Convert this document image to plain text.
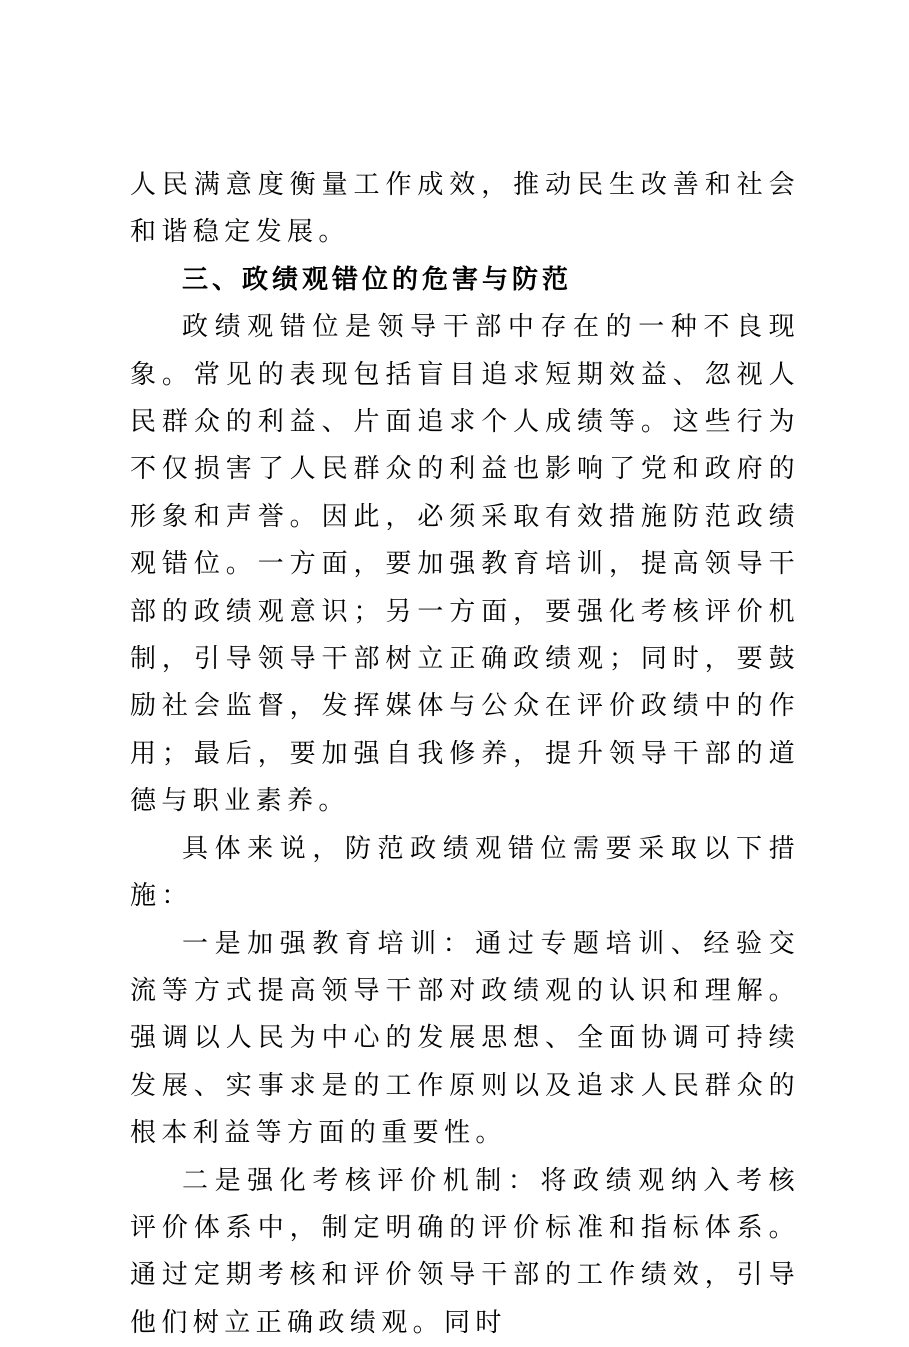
人民满意度衡量工作成效，推动民生改善和社会和谐稳定发展。

三、政绩观错位的危害与防范

政绩观错位是领导干部中存在的一种不良现象。常见的表现包括盲目追求短期效益、忽视人民群众的利益、片面追求个人成绩等。这些行为不仅损害了人民群众的利益也影响了党和政府的形象和声誉。因此，必须采取有效措施防范政绩观错位。一方面，要加强教育培训，提高领导干部的政绩观意识；另一方面，要强化考核评价机制，引导领导干部树立正确政绩观；同时，要鼓励社会监督，发挥媒体与公众在评价政绩中的作用；最后，要加强自我修养，提升领导干部的道德与职业素养。

具体来说，防范政绩观错位需要采取以下措施：

一是加强教育培训：通过专题培训、经验交流等方式提高领导干部对政绩观的认识和理解。强调以人民为中心的发展思想、全面协调可持续发展、实事求是的工作原则以及追求人民群众的根本利益等方面的重要性。

二是强化考核评价机制：将政绩观纳入考核评价体系中，制定明确的评价标准和指标体系。通过定期考核和评价领导干部的工作绩效，引导他们树立正确政绩观。同时
